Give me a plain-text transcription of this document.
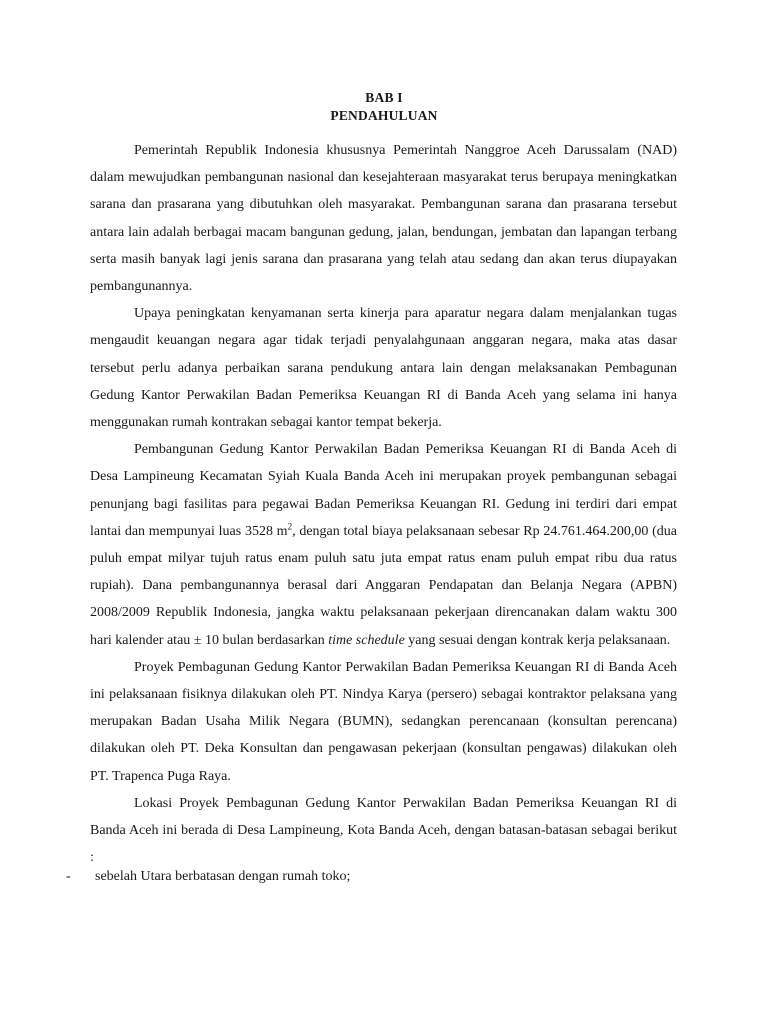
BAB I
PENDAHULUAN

Pemerintah Republik Indonesia khususnya Pemerintah Nanggroe Aceh Darussalam (NAD) dalam mewujudkan pembangunan nasional dan kesejahteraan masyarakat terus berupaya meningkatkan sarana dan prasarana yang dibutuhkan oleh masyarakat. Pembangunan sarana dan prasarana tersebut antara lain adalah berbagai macam bangunan gedung, jalan, bendungan, jembatan dan lapangan terbang serta masih banyak lagi jenis sarana dan prasarana yang telah atau sedang dan akan terus diupayakan pembangunannya.

Upaya peningkatan kenyamanan serta kinerja para aparatur negara dalam menjalankan tugas mengaudit keuangan negara agar tidak terjadi penyalahgunaan anggaran negara, maka atas dasar tersebut perlu adanya perbaikan sarana pendukung antara lain dengan melaksanakan Pembagunan Gedung Kantor Perwakilan Badan Pemeriksa Keuangan RI di Banda Aceh yang selama ini hanya menggunakan rumah kontrakan sebagai kantor tempat bekerja.

Pembangunan Gedung Kantor Perwakilan Badan Pemeriksa Keuangan RI di Banda Aceh di Desa Lampineung Kecamatan Syiah Kuala Banda Aceh ini merupakan proyek pembangunan sebagai penunjang bagi fasilitas para pegawai Badan Pemeriksa Keuangan RI. Gedung ini terdiri dari empat lantai dan mempunyai luas 3528 $m^2$, dengan total biaya pelaksanaan sebesar Rp 24.761.464.200,00 (dua puluh empat milyar tujuh ratus enam puluh satu juta empat ratus enam puluh empat ribu dua ratus rupiah). Dana pembangunannya berasal dari Anggaran Pendapatan dan Belanja Negara (APBN) 2008/2009 Republik Indonesia, jangka waktu pelaksanaan pekerjaan direncanakan dalam waktu 300 hari kalender atau ± 10 bulan berdasarkan time schedule yang sesuai dengan kontrak kerja pelaksanaan.

Proyek Pembagunan Gedung Kantor Perwakilan Badan Pemeriksa Keuangan RI di Banda Aceh ini pelaksanaan fisiknya dilakukan oleh PT. Nindya Karya (persero) sebagai kontraktor pelaksana yang merupakan Badan Usaha Milik Negara (BUMN), sedangkan perencanaan (konsultan perencana) dilakukan oleh PT. Deka Konsultan dan pengawasan pekerjaan (konsultan pengawas) dilakukan oleh PT. Trapenca Puga Raya.

Lokasi Proyek Pembagunan Gedung Kantor Perwakilan Badan Pemeriksa Keuangan RI di Banda Aceh ini berada di Desa Lampineung, Kota Banda Aceh, dengan batasan-batasan sebagai berikut :

- sebelah Utara berbatasan dengan rumah toko;
